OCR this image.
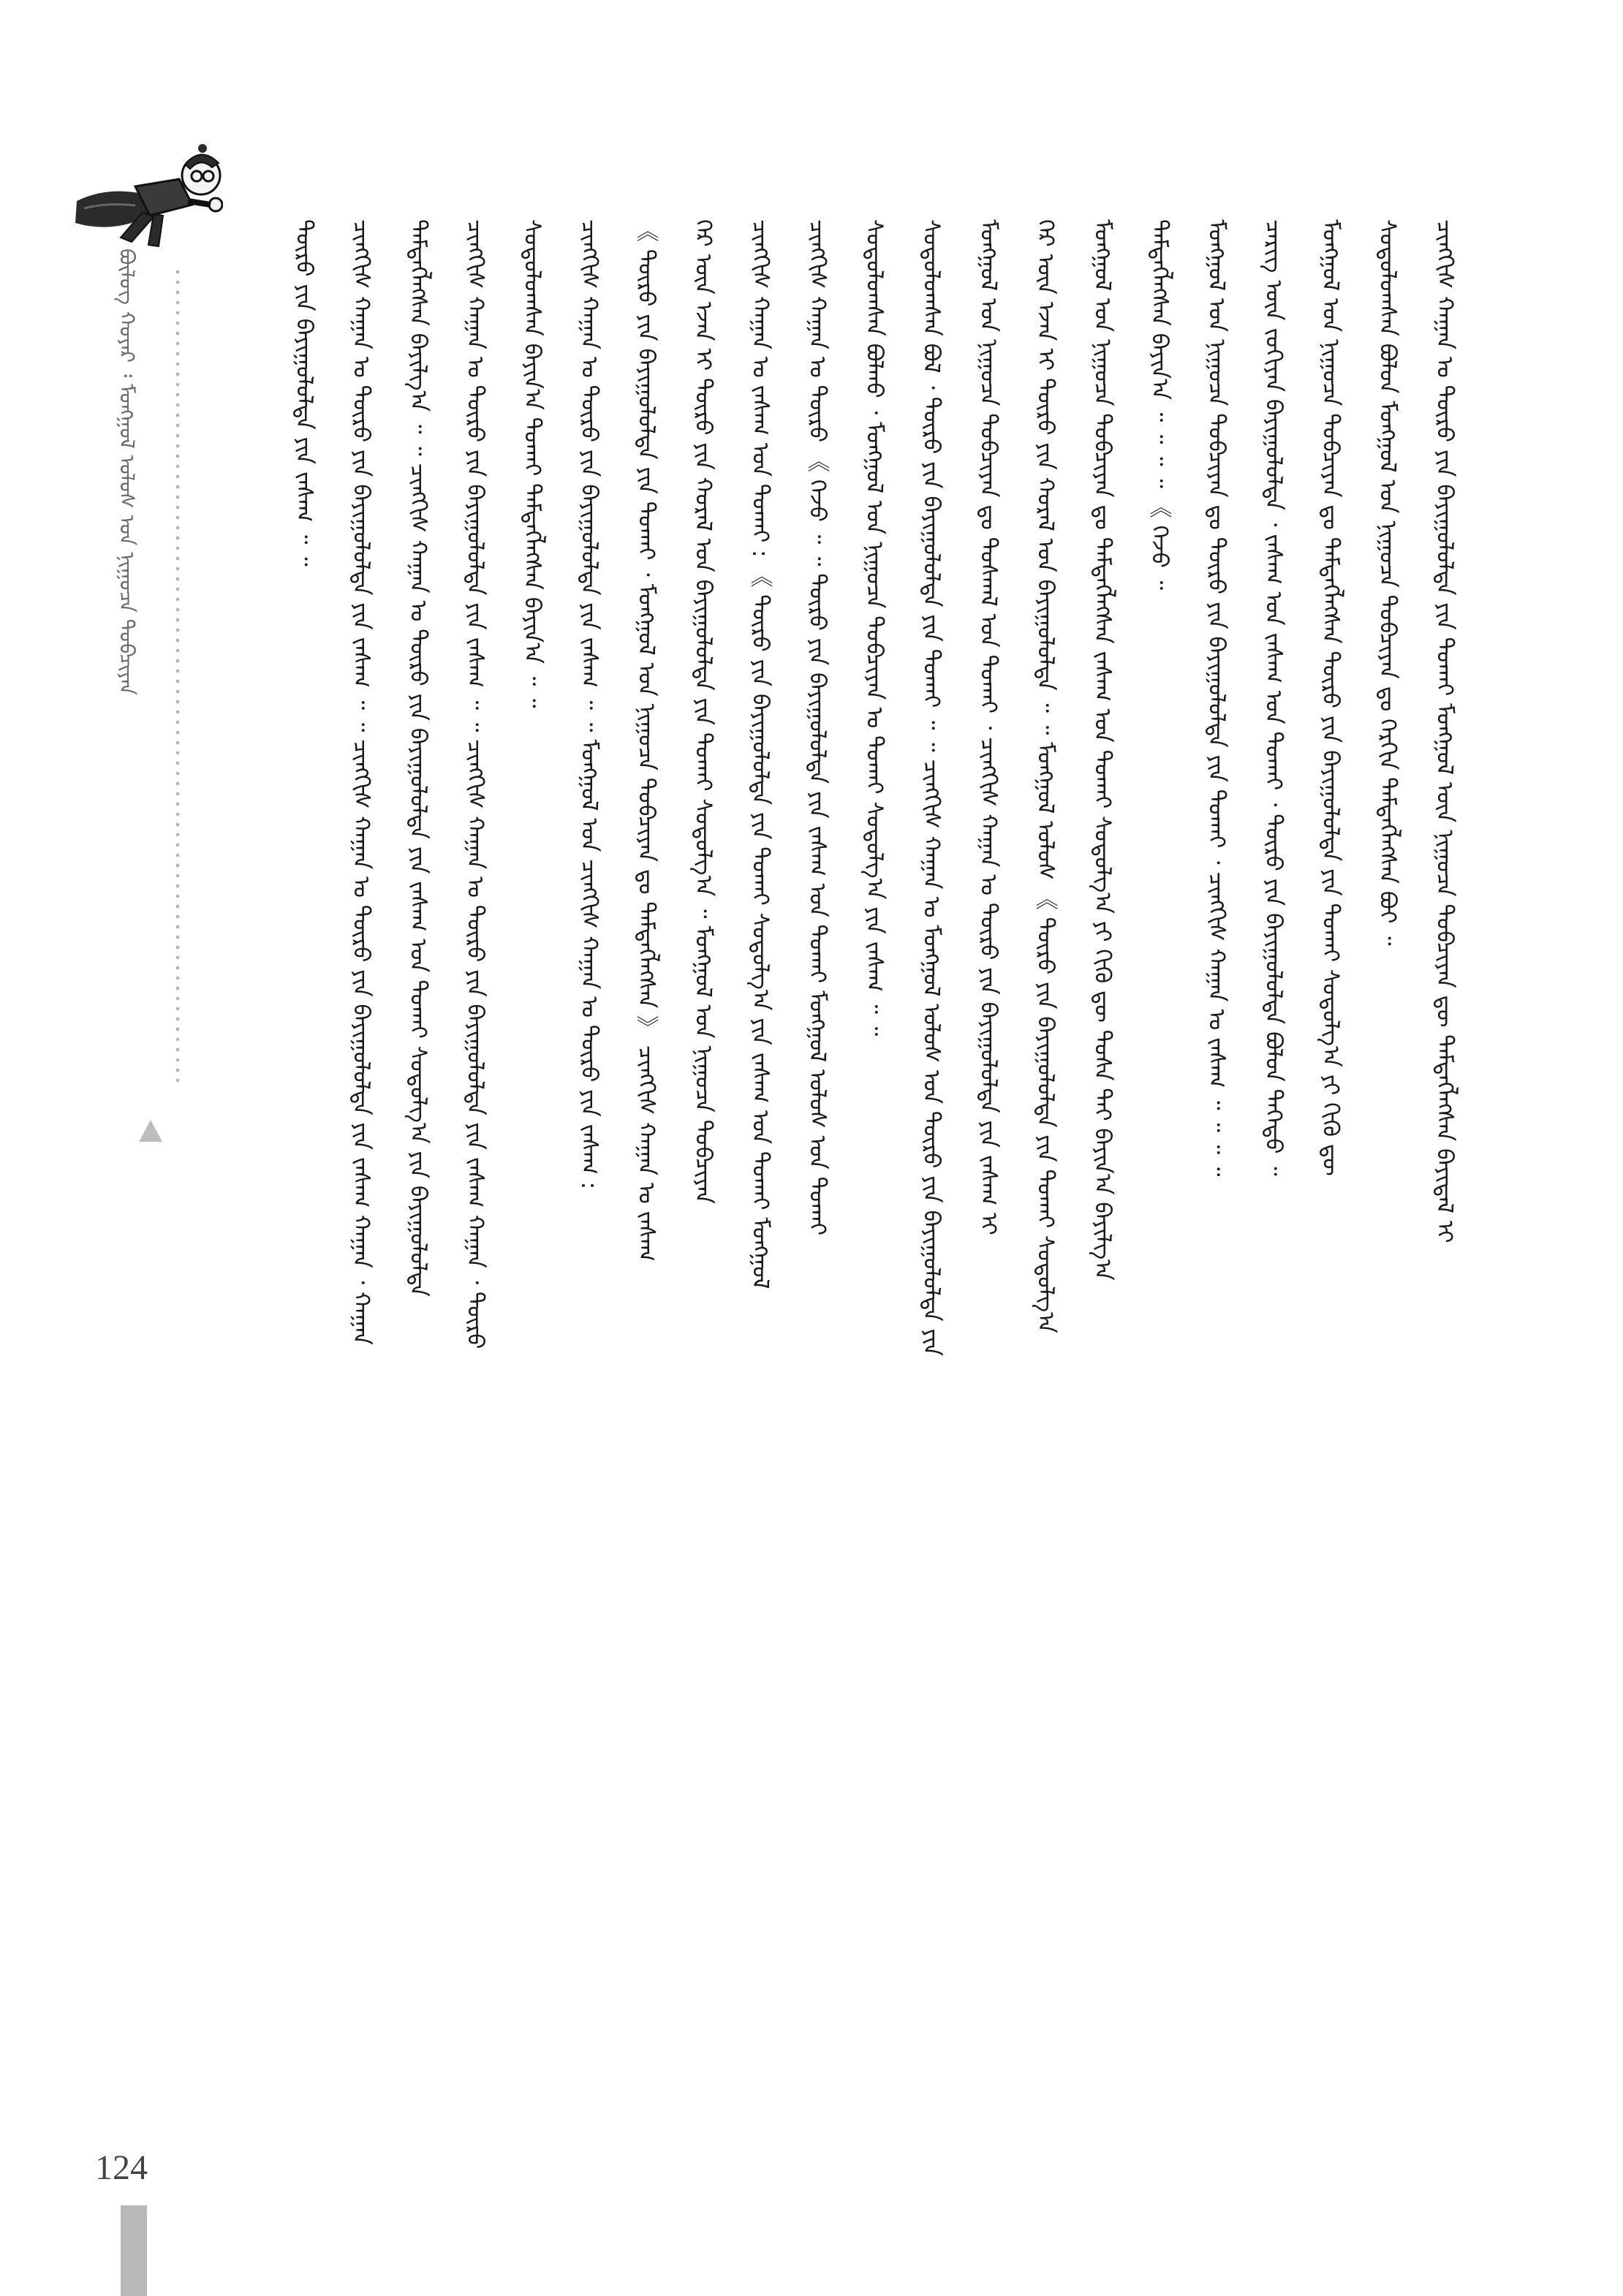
ᠪᠦᠯᠦᠭ ᠬᠣᠶᠠᠷ ᠄ ᠮᠣᠩᠭᠣᠯ ᠤᠯᠤᠰ ᠤᠨ ᠨᠢᠭᠤᠴᠠ ᠲᠤᠪᠴᠢᠶᠠᠨ	ᠴᠢᠩᠭᠢᠰ ᠬᠠᠭᠠᠨ ᠤ ᠲᠦᠷᠦ ᠶᠢᠨ ᠪᠠᠶᠢᠭᠤᠯᠤᠯᠲᠠ ᠶᠢᠨ ᠲᠤᠬᠠᠢ ᠮᠣᠩᠭᠣᠯ ᠦᠨ ᠨᠢᠭᠤᠴᠠ ᠲᠣᠪᠴᠢᠶᠠᠨ ᠳᠦ ᠲᠡᠮᠳᠡᠭᠯᠡᠭᠰᠡᠨ ᠪᠠᠶᠢᠳᠠᠯ ᠢ
ᠰᠤᠳᠤᠯᠤᠭᠰᠠᠨ ᠪᠤᠯᠤᠨ ᠮᠣᠩᠭᠣᠯ ᠤᠨ ᠨᠢᠭᠤᠴᠠ ᠲᠣᠪᠴᠢᠶᠠᠨ ᠳᠤ ᠬᠡᠷᠬᠢᠨ ᠲᠡᠮᠳᠡᠭᠯᠡᠭᠰᠡᠨ ᠪᠣᠢ ᠃
ᠮᠣᠩᠭᠣᠯ ᠤᠨ ᠨᠢᠭᠤᠴᠠ ᠲᠣᠪᠴᠢᠶᠠᠨ ᠳᠤ ᠲᠡᠮᠳᠡᠭᠯᠡᠭᠰᠡᠨ ᠲᠦᠷᠦ ᠶᠢᠨ ᠪᠠᠶᠢᠭᠤᠯᠤᠯᠲᠠ ᠶᠢᠨ ᠲᠤᠬᠠᠢ ᠰᠤᠳᠤᠯᠭ᠎ᠠ ᠶᠢ ᠬᠢᠬᠦ ᠳᠦ
ᠴᠡᠷᠢᠭ ᠦᠨ ᠵᠣᠬᠢᠶᠠᠨ ᠪᠠᠶᠢᠭᠤᠯᠤᠯᠲᠠ ᠂ ᠵᠠᠰᠠᠭ ᠤᠨ ᠵᠠᠰᠠᠭ ᠤᠨ ᠲᠤᠬᠠᠢ ᠂ ᠲᠦᠷᠦ ᠶᠢᠨ ᠪᠠᠶᠢᠭᠤᠯᠤᠯᠲᠠ ᠪᠤᠯᠤᠨ ᠳᠡᠭᠡᠳᠦ ᠃
ᠮᠣᠩᠭᠣᠯ ᠤᠨ ᠨᠢᠭᠤᠴᠠ ᠲᠣᠪᠴᠢᠶᠠᠨ ᠳᠤ ᠲᠦᠷᠦ ᠶᠢᠨ ᠪᠠᠶᠢᠭᠤᠯᠤᠯᠲᠠ ᠶᠢᠨ ᠲᠤᠬᠠᠢ ᠂ ᠴᠢᠩᠭᠢᠰ ᠬᠠᠭᠠᠨ ᠤ ᠵᠠᠰᠠᠭ ᠃ ᠃ ᠃ ᠃
ᠲᠡᠮᠳᠡᠭᠯᠡᠭᠰᠡᠨ ᠪᠠᠶᠢᠨ᠎ᠠ ᠃ ᠃ ᠃ ᠃ 《 ᠭᠡᠵᠦ ᠃
ᠮᠣᠩᠭᠣᠯ ᠤᠨ ᠨᠢᠭᠤᠴᠠ ᠲᠣᠪᠴᠢᠶᠠᠨ ᠳᠤ ᠲᠡᠮᠳᠡᠭᠯᠡᠭᠰᠡᠨ ᠵᠠᠰᠠᠭ ᠤᠨ ᠲᠤᠬᠠᠢ ᠰᠤᠳᠤᠯᠭ᠎ᠠ ᠶᠢ ᠬᠢᠬᠦ ᠳᠦ ᠲᠤᠰᠠ ᠲᠠᠢ ᠪᠠᠶᠢᠨ᠎ᠠ ᠪᠠᠶᠢᠯᠭ᠎ᠠ
ᠭᠡᠷ ᠦᠨ ᠡᠵᠡᠨ ᠢ ᠲᠦᠷᠦ ᠶᠢᠨ ᠬᠤᠷᠠᠯ ᠤᠨ ᠪᠠᠶᠢᠭᠤᠯᠤᠯᠲᠠ ᠃ ᠃ ᠮᠣᠩᠭᠣᠯ ᠤᠯᠤᠰ 《 ᠲᠦᠷᠦ ᠶᠢᠨ ᠪᠠᠶᠢᠭᠤᠯᠤᠯᠲᠠ ᠶᠢᠨ ᠲᠤᠬᠠᠢ ᠰᠤᠳᠤᠯᠭ᠎ᠠ
ᠮᠣᠩᠭᠣᠯ ᠤᠨ ᠨᠢᠭᠤᠴᠠ ᠲᠣᠪᠴᠢᠶᠠᠨ ᠳᠤ ᠲᠤᠰᠬᠠᠯ ᠤᠨ ᠲᠤᠬᠠᠢ ᠂ ᠴᠢᠩᠭᠢᠰ ᠬᠠᠭᠠᠨ ᠤ ᠲᠦᠷᠦ ᠶᠢᠨ ᠪᠠᠶᠢᠭᠤᠯᠤᠯᠲᠠ ᠶᠢᠨ ᠵᠠᠰᠠᠭ ᠢ
ᠰᠤᠳᠤᠯᠤᠭᠰᠠᠨ ᠪᠣᠯ ᠂ ᠲᠦᠷᠦ ᠶᠢᠨ ᠪᠠᠶᠢᠭᠤᠯᠤᠯᠲᠠ ᠶᠢᠨ ᠲᠤᠬᠠᠢ ᠃ ᠃ ᠴᠢᠩᠭᠢᠰ ᠬᠠᠭᠠᠨ ᠤ ᠮᠣᠩᠭᠣᠯ ᠤᠯᠤᠰ ᠤᠨ ᠲᠦᠷᠦ ᠶᠢᠨ ᠪᠠᠶᠢᠭᠤᠯᠤᠯᠲᠠ ᠶᠢᠨ
ᠰᠤᠳᠤᠯᠤᠭᠰᠠᠨ ᠪᠣᠯᠬᠤ ᠂ ᠮᠣᠩᠭᠣᠯ ᠤᠨ ᠨᠢᠭᠤᠴᠠ ᠲᠣᠪᠴᠢᠶᠠᠨ ᠤ ᠲᠤᠬᠠᠢ ᠰᠤᠳᠤᠯᠭ᠎ᠠ ᠶᠢᠨ ᠵᠠᠰᠠᠭ ᠃ ᠃
ᠴᠢᠩᠭᠢᠰ ᠬᠠᠭᠠᠨ ᠤ ᠲᠦᠷᠦ 《 ᠭᠡᠵᠦ ᠃ ᠃ ᠲᠦᠷᠦ ᠶᠢᠨ ᠪᠠᠶᠢᠭᠤᠯᠤᠯᠲᠠ ᠶᠢᠨ ᠵᠠᠰᠠᠭ ᠤᠨ ᠲᠤᠬᠠᠢ ᠮᠣᠩᠭᠣᠯ ᠤᠯᠤᠰ ᠤᠨ ᠲᠤᠬᠠᠢ
ᠴᠢᠩᠭᠢᠰ ᠬᠠᠭᠠᠨ ᠤ ᠵᠠᠰᠠᠭ ᠤᠨ ᠲᠤᠬᠠᠢ : 《 ᠲᠦᠷᠦ ᠶᠢᠨ ᠪᠠᠶᠢᠭᠤᠯᠤᠯᠲᠠ ᠶᠢᠨ ᠲᠤᠬᠠᠢ ᠰᠤᠳᠤᠯᠭ᠎ᠠ ᠶᠢᠨ ᠵᠠᠰᠠᠭ ᠤᠨ ᠲᠤᠬᠠᠢ ᠮᠣᠩᠭᠣᠯ
ᠭᠡᠷ ᠦᠨ ᠡᠵᠡᠨ ᠢ ᠲᠦᠷᠦ ᠶᠢᠨ ᠬᠤᠷᠠᠯ ᠤᠨ ᠪᠠᠶᠢᠭᠤᠯᠤᠯᠲᠠ ᠶᠢᠨ ᠲᠤᠬᠠᠢ ᠰᠤᠳᠤᠯᠭ᠎ᠠ ᠃ ᠮᠣᠩᠭᠣᠯ ᠤᠨ ᠨᠢᠭᠤᠴᠠ ᠲᠣᠪᠴᠢᠶᠠᠨ
《 ᠲᠦᠷᠦ ᠶᠢᠨ ᠪᠠᠶᠢᠭᠤᠯᠤᠯᠲᠠ ᠶᠢᠨ ᠲᠤᠬᠠᠢ ᠂ ᠮᠣᠩᠭᠣᠯ ᠤᠨ ᠨᠢᠭᠤᠴᠠ ᠲᠣᠪᠴᠢᠶᠠᠨ ᠳᠤ ᠲᠡᠮᠳᠡᠭᠯᠡᠭᠰᠡᠨ 》 ᠴᠢᠩᠭᠢᠰ ᠬᠠᠭᠠᠨ ᠤ ᠵᠠᠰᠠᠭ
ᠴᠢᠩᠭᠢᠰ ᠬᠠᠭᠠᠨ ᠤ ᠲᠦᠷᠦ ᠶᠢᠨ ᠪᠠᠶᠢᠭᠤᠯᠤᠯᠲᠠ ᠶᠢᠨ ᠵᠠᠰᠠᠭ ᠃ ᠃ ᠮᠣᠩᠭᠣᠯ ᠤᠨ ᠴᠢᠩᠭᠢᠰ ᠬᠠᠭᠠᠨ ᠤ ᠲᠦᠷᠦ ᠶᠢᠨ ᠵᠠᠰᠠᠭ :
ᠰᠤᠳᠤᠯᠤᠭᠰᠠᠨ ᠪᠠᠶᠢᠨ᠎ᠠ ᠲᠤᠬᠠᠢ ᠲᠡᠮᠳᠡᠭᠯᠡᠭᠰᠡᠨ ᠪᠠᠶᠢᠨ᠎ᠠ ᠃ ᠃
ᠴᠢᠩᠭᠢᠰ ᠬᠠᠭᠠᠨ ᠤ ᠲᠦᠷᠦ ᠶᠢᠨ ᠪᠠᠶᠢᠭᠤᠯᠤᠯᠲᠠ ᠶᠢᠨ ᠵᠠᠰᠠᠭ ᠃ ᠃ ᠴᠢᠩᠭᠢᠰ ᠬᠠᠭᠠᠨ ᠤ ᠲᠦᠷᠦ ᠶᠢᠨ ᠪᠠᠶᠢᠭᠤᠯᠤᠯᠲᠠ ᠶᠢᠨ ᠵᠠᠰᠠᠭ ᠬᠠᠭᠠᠨ ᠂ ᠲᠦᠷᠦ
ᠲᠡᠮᠳᠡᠭᠯᠡᠭᠰᠡᠨ ᠪᠠᠶᠢᠯᠭ᠎ᠠ ᠃ ᠃ ᠴᠢᠩᠭᠢᠰ ᠬᠠᠭᠠᠨ ᠤ ᠲᠦᠷᠦ ᠶᠢᠨ ᠪᠠᠶᠢᠭᠤᠯᠤᠯᠲᠠ ᠶᠢᠨ ᠵᠠᠰᠠᠭ ᠤᠨ ᠲᠤᠬᠠᠢ ᠰᠤᠳᠤᠯᠭ᠎ᠠ ᠶᠢᠨ ᠪᠠᠶᠢᠭᠤᠯᠤᠯᠲᠠ
ᠴᠢᠩᠭᠢᠰ ᠬᠠᠭᠠᠨ ᠤ ᠲᠦᠷᠦ ᠶᠢᠨ ᠪᠠᠶᠢᠭᠤᠯᠤᠯᠲᠠ ᠶᠢᠨ ᠵᠠᠰᠠᠭ ᠃ ᠃ ᠴᠢᠩᠭᠢᠰ ᠬᠠᠭᠠᠨ ᠤ ᠲᠦᠷᠦ ᠶᠢᠨ ᠪᠠᠶᠢᠭᠤᠯᠤᠯᠲᠠ ᠶᠢᠨ ᠵᠠᠰᠠᠭ ᠬᠠᠭᠠᠨ ᠂ ᠬᠠᠭᠠᠨ
ᠲᠦᠷᠦ ᠶᠢᠨ ᠪᠠᠶᠢᠭᠤᠯᠤᠯᠲᠠ ᠶᠢᠨ ᠵᠠᠰᠠᠭ ᠃ ᠃
124
